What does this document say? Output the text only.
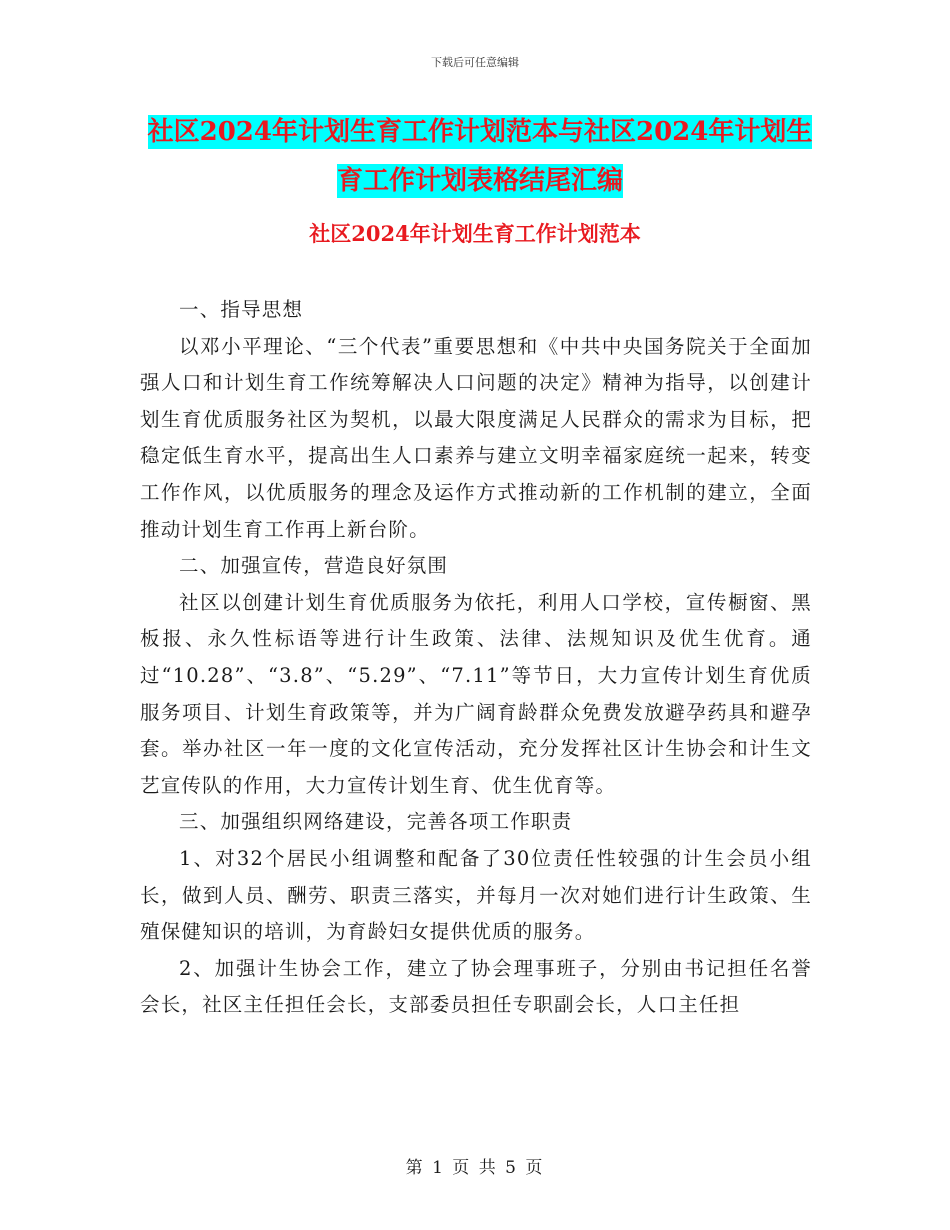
下载后可任意编辑
社区2024年计划生育工作计划范本与社区2024年计划生育工作计划表格结尾汇编
社区2024年计划生育工作计划范本

一、指导思想

以邓小平理论、“三个代表”重要思想和《中共中央国务院关于全面加强人口和计划生育工作统筹解决人口问题的决定》精神为指导，以创建计划生育优质服务社区为契机，以最大限度满足人民群众的需求为目标，把稳定低生育水平，提高出生人口素养与建立文明幸福家庭统一起来，转变工作作风，以优质服务的理念及运作方式推动新的工作机制的建立，全面推动计划生育工作再上新台阶。

二、加强宣传，营造良好氛围

社区以创建计划生育优质服务为依托，利用人口学校，宣传橱窗、黑板报、永久性标语等进行计生政策、法律、法规知识及优生优育。通过“10.28”、“3.8”、“5.29”、“7.11”等节日，大力宣传计划生育优质服务项目、计划生育政策等，并为广阔育龄群众免费发放避孕药具和避孕套。举办社区一年一度的文化宣传活动，充分发挥社区计生协会和计生文艺宣传队的作用，大力宣传计划生育、优生优育等。

三、加强组织网络建设，完善各项工作职责

1、对32个居民小组调整和配备了30位责任性较强的计生会员小组长，做到人员、酬劳、职责三落实，并每月一次对她们进行计生政策、生殖保健知识的培训，为育龄妇女提供优质的服务。

2、加强计生协会工作，建立了协会理事班子，分别由书记担任名誉会长，社区主任担任会长，支部委员担任专职副会长，人口主任担

第 1 页 共 5 页
